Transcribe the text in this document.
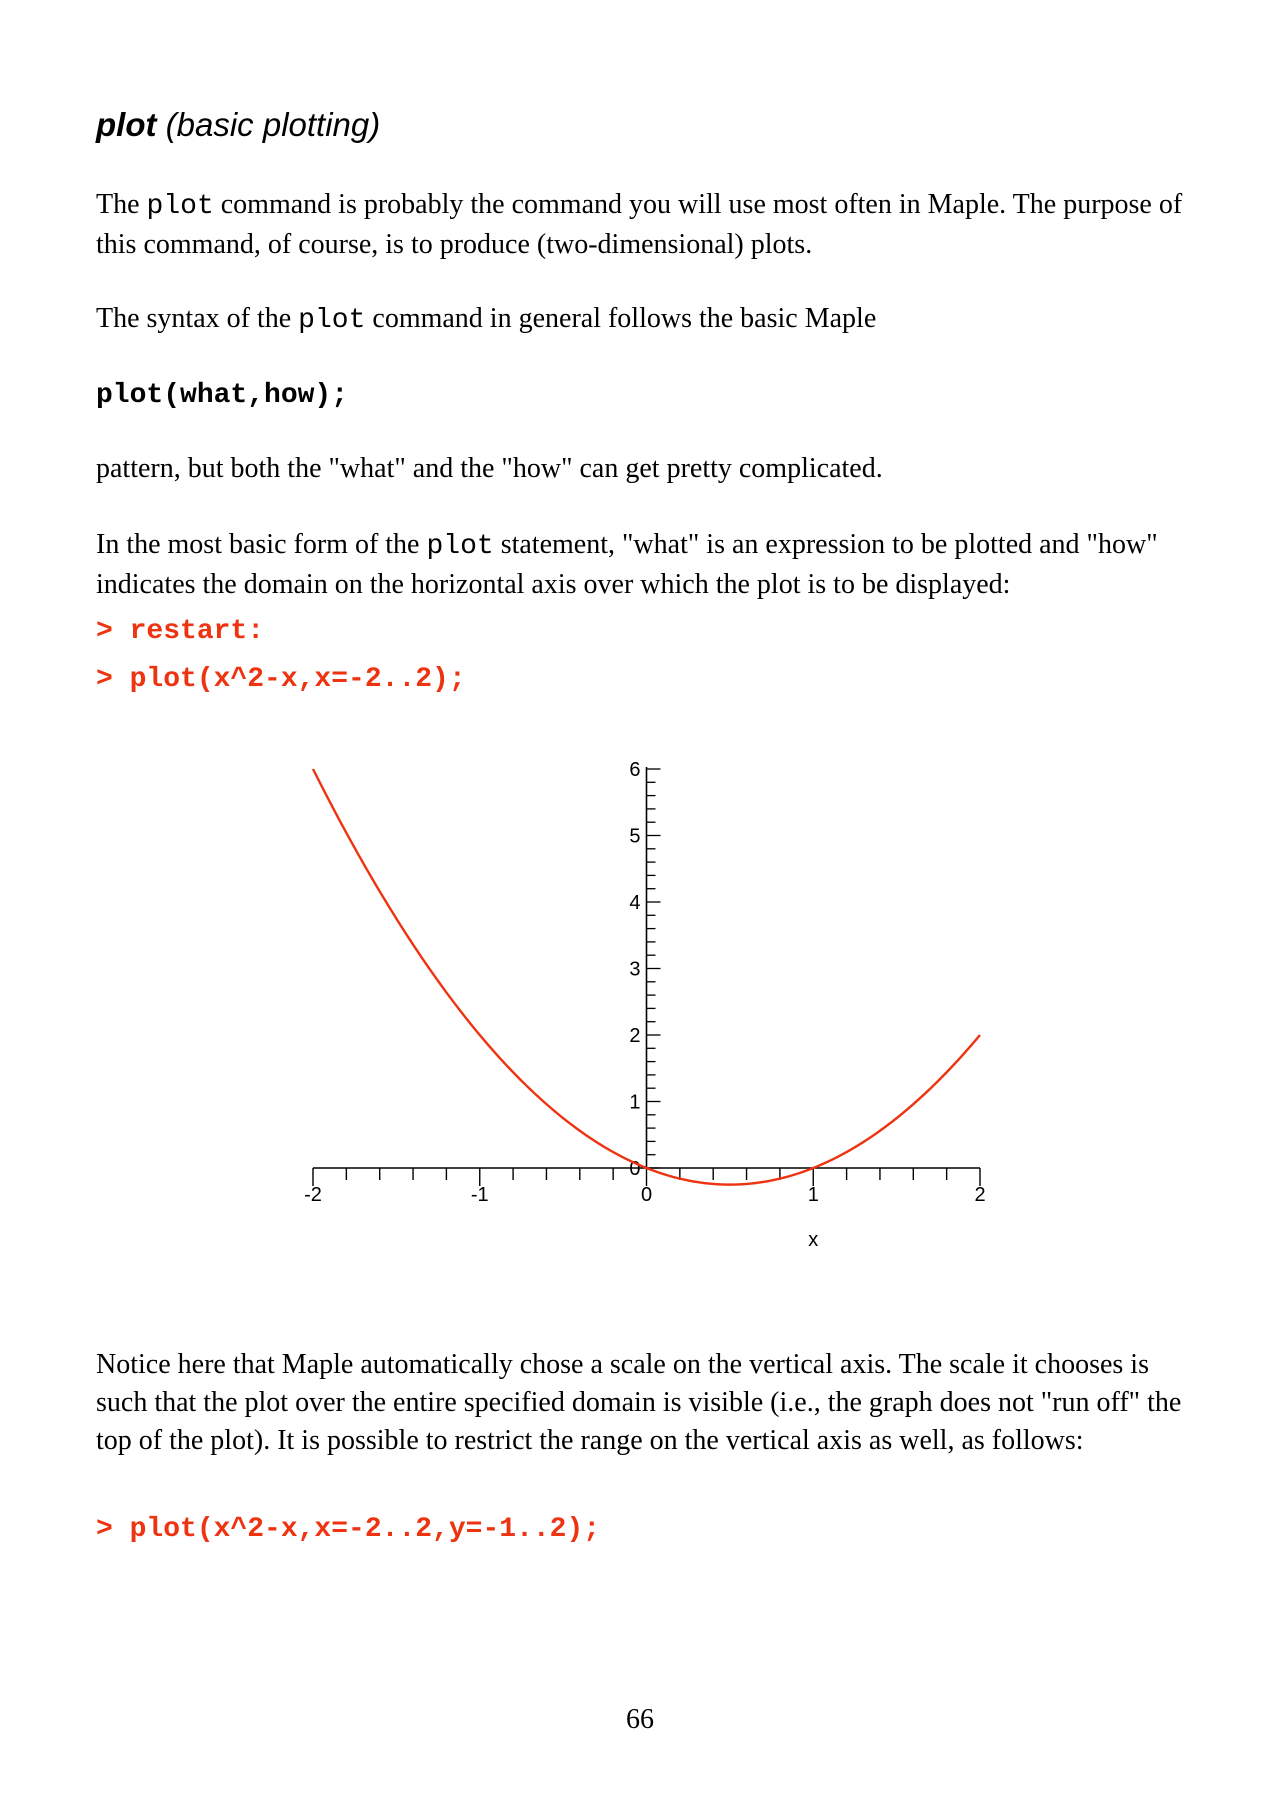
plot (basic plotting)
The plot command is probably the command you will use most often in Maple. The purpose of this command, of course, is to produce (two-dimensional) plots.
The syntax of the plot command in general follows the basic Maple
plot(what,how);
pattern, but both the "what" and the "how" can get pretty complicated.
In the most basic form of the plot statement, "what" is an expression to be plotted and "how" indicates the domain on the horizontal axis over which the plot is to be displayed:
> restart:
> plot(x^2-x,x=-2..2);
-2	-1	0	1	2
0
1
2
3
4
5
6
x
Notice here that Maple automatically chose a scale on the vertical axis. The scale it chooses is such that the plot over the entire specified domain is visible (i.e., the graph does not "run off" the top of the plot). It is possible to restrict the range on the vertical axis as well, as follows:
> plot(x^2-x,x=-2..2,y=-1..2);
66
